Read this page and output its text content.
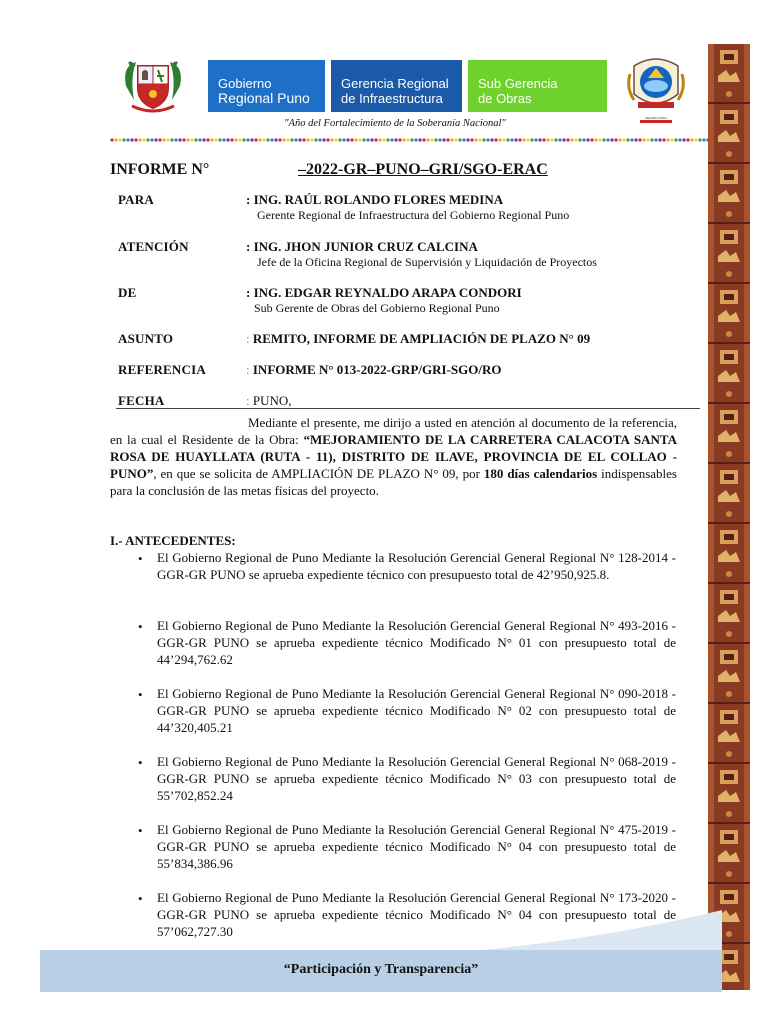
Gobierno
Regional Puno
Gerencia Regional
de Infraestructura
Sub Gerencia
de Obras
REGIÓN PUNO
"Año del Fortalecimiento de la Soberanía Nacional"
INFORME N°	–2022-GR–PUNO–GRI/SGO-ERAC
PARA	: ING. RAÚL ROLANDO FLORES MEDINA
Gerente Regional de Infraestructura del Gobierno Regional Puno
ATENCIÓN	: ING. JHON JUNIOR CRUZ CALCINA
Jefe de la Oficina Regional de Supervisión y Liquidación de Proyectos
DE	: ING. EDGAR REYNALDO ARAPA CONDORI
Sub Gerente de Obras del Gobierno Regional Puno
ASUNTO	: REMITO, INFORME DE AMPLIACIÓN DE PLAZO N° 09
REFERENCIA	: INFORME N° 013-2022-GRP/GRI-SGO/RO
FECHA	: PUNO,
Mediante el presente, me dirijo a usted en atención al documento de la referencia, en la cual el Residente de la Obra: “MEJORAMIENTO DE LA CARRETERA CALACOTA SANTA ROSA DE HUAYLLATA (RUTA - 11), DISTRITO DE ILAVE, PROVINCIA DE EL COLLAO - PUNO”, en que se solicita de AMPLIACIÓN DE PLAZO N° 09, por 180 días calendarios indispensables para la conclusión de las metas físicas del proyecto.
I.- ANTECEDENTES:
• El Gobierno Regional de Puno Mediante la Resolución Gerencial General Regional N° 128-2014 -GGR-GR PUNO se aprueba expediente técnico con presupuesto total de 42’950,925.8.
• El Gobierno Regional de Puno Mediante la Resolución Gerencial General Regional N° 493-2016 -GGR-GR PUNO se aprueba expediente técnico Modificado N° 01 con presupuesto total de 44’294,762.62
• El Gobierno Regional de Puno Mediante la Resolución Gerencial General Regional N° 090-2018 -GGR-GR PUNO se aprueba expediente técnico Modificado N° 02 con presupuesto total de 44’320,405.21
• El Gobierno Regional de Puno Mediante la Resolución Gerencial General Regional N° 068-2019 -GGR-GR PUNO se aprueba expediente técnico Modificado N° 03 con presupuesto total de 55’702,852.24
• El Gobierno Regional de Puno Mediante la Resolución Gerencial General Regional N° 475-2019 -GGR-GR PUNO se aprueba expediente técnico Modificado N° 04 con presupuesto total de 55’834,386.96
• El Gobierno Regional de Puno Mediante la Resolución Gerencial General Regional N° 173-2020 -GGR-GR PUNO se aprueba expediente técnico Modificado N° 04 con presupuesto total de 57’062,727.30
“Participación y Transparencia”
